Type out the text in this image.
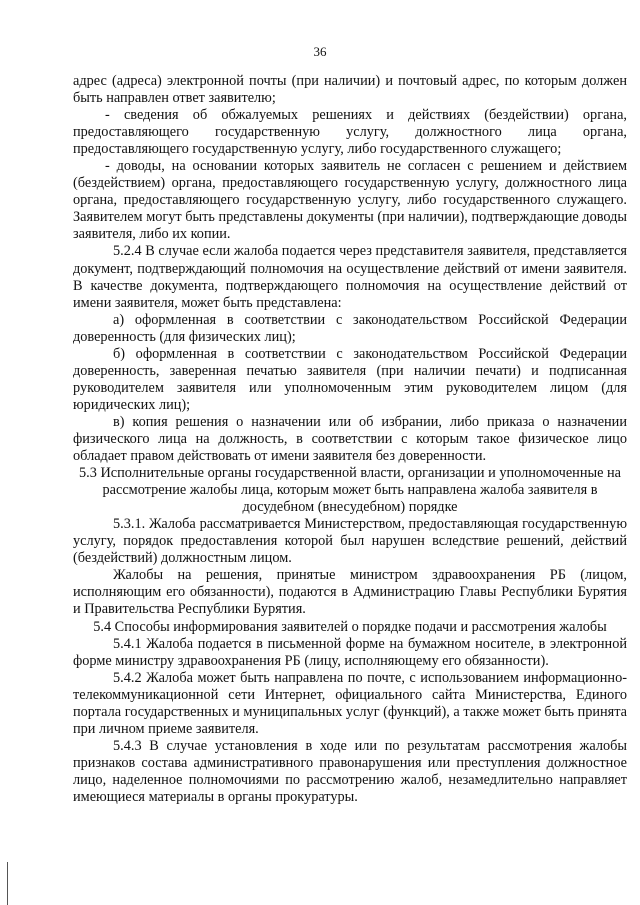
36

адрес (адреса) электронной почты (при наличии) и почтовый адрес, по которым должен быть направлен ответ заявителю;

- сведения об обжалуемых решениях и действиях (бездействии) органа, предоставляющего государственную услугу, должностного лица органа, предоставляющего государственную услугу, либо государственного служащего;

- доводы, на основании которых заявитель не согласен с решением и действием (бездействием) органа, предоставляющего государственную услугу, должностного лица органа, предоставляющего государственную услугу, либо государственного служащего. Заявителем могут быть представлены документы (при наличии), подтверждающие доводы заявителя, либо их копии.

5.2.4 В случае если жалоба подается через представителя заявителя, представляется документ, подтверждающий полномочия на осуществление действий от имени заявителя. В качестве документа, подтверждающего полномочия на осуществление действий от имени заявителя, может быть представлена:

а) оформленная в соответствии с законодательством Российской Федерации доверенность (для физических лиц);

б) оформленная в соответствии с законодательством Российской Федерации доверенность, заверенная печатью заявителя (при наличии печати) и подписанная руководителем заявителя или уполномоченным этим руководителем лицом (для юридических лиц);

в) копия решения о назначении или об избрании, либо приказа о назначении физического лица на должность, в соответствии с которым такое физическое лицо обладает правом действовать от имени заявителя без доверенности.

5.3 Исполнительные органы государственной власти, организации и уполномоченные на рассмотрение жалобы лица, которым может быть направлена жалоба заявителя в досудебном (внесудебном) порядке

5.3.1. Жалоба рассматривается Министерством, предоставляющая государственную услугу, порядок предоставления которой был нарушен вследствие решений, действий (бездействий) должностным лицом.

Жалобы на решения, принятые министром здравоохранения РБ (лицом, исполняющим его обязанности), подаются в Администрацию Главы Республики Бурятия и Правительства Республики Бурятия.

5.4 Способы информирования заявителей о порядке подачи и рассмотрения жалобы

5.4.1 Жалоба подается в письменной форме на бумажном носителе, в электронной форме министру здравоохранения РБ (лицу, исполняющему его обязанности).

5.4.2 Жалоба может быть направлена по почте, с использованием информационно-телекоммуникационной сети Интернет, официального сайта Министерства, Единого портала государственных и муниципальных услуг (функций), а также может быть принята при личном приеме заявителя.

5.4.3 В случае установления в ходе или по результатам рассмотрения жалобы признаков состава административного правонарушения или преступления должностное лицо, наделенное полномочиями по рассмотрению жалоб, незамедлительно направляет имеющиеся материалы в органы прокуратуры.
